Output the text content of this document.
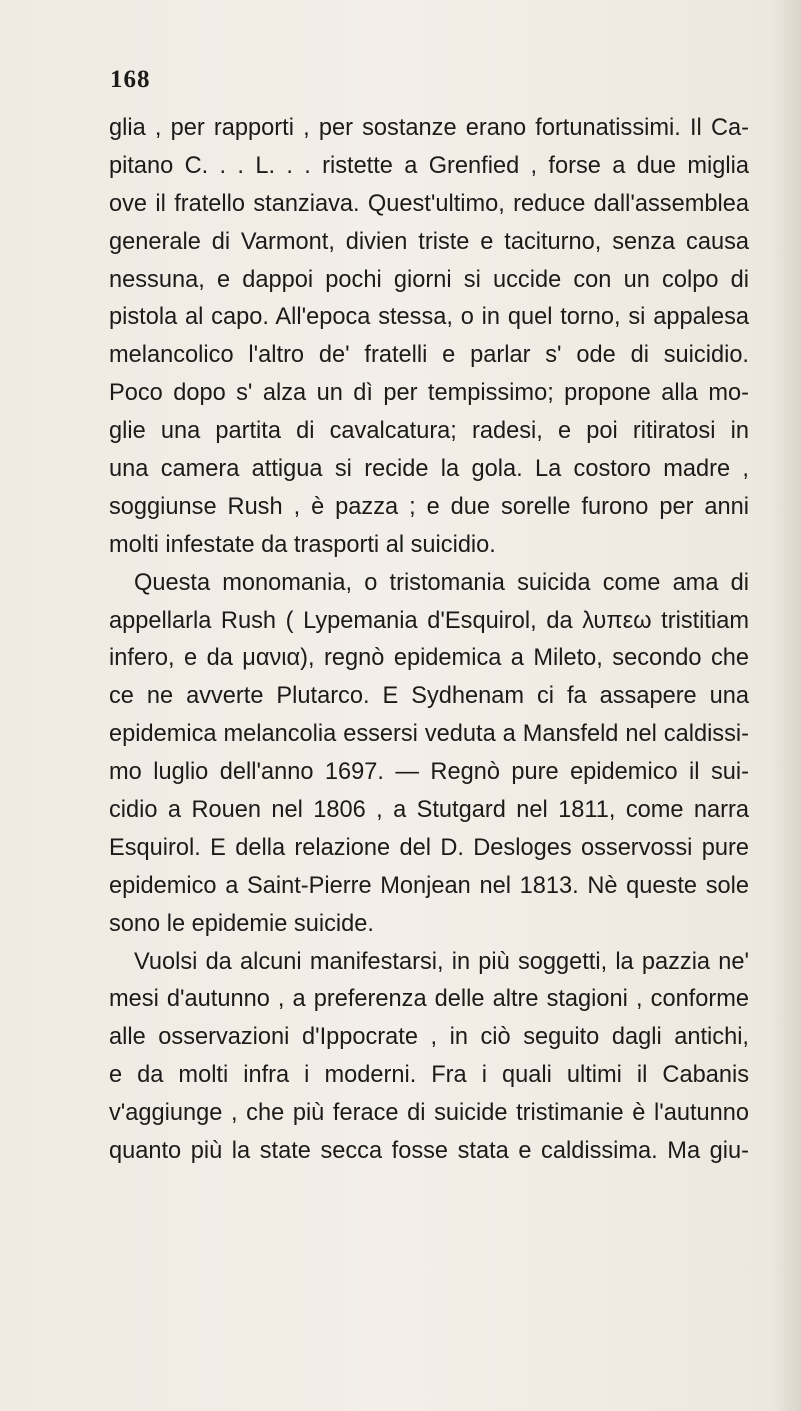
168
glia , per rapporti , per sostanze erano fortunatissimi. Il Ca-
pitano C. . . L. . . ristette a Grenfied , forse a due miglia
ove il fratello stanziava. Quest'ultimo, reduce dall'assemblea
generale di Varmont, divien triste e taciturno, senza causa
nessuna, e dappoi pochi giorni si uccide con un colpo di
pistola al capo. All'epoca stessa, o in quel torno, si appalesa
melancolico l'altro de' fratelli e parlar s' ode di suicidio.
Poco dopo s' alza un dì per tempissimo; propone alla mo-
glie una partita di cavalcatura; radesi, e poi ritiratosi in
una camera attigua si recide la gola. La costoro madre ,
soggiunse Rush , è pazza ; e due sorelle furono per anni
molti infestate da trasporti al suicidio.
Questa monomania, o tristomania suicida come ama di
appellarla Rush ( Lypemania d'Esquirol, da λυπεω tristitiam
infero, e da μανια), regnò epidemica a Mileto, secondo che
ce ne avverte Plutarco. E Sydhenam ci fa assapere una
epidemica melancolia essersi veduta a Mansfeld nel caldissi-
mo luglio dell'anno 1697. — Regnò pure epidemico il sui-
cidio a Rouen nel 1806 , a Stutgard nel 1811, come narra
Esquirol. E della relazione del D. Desloges osservossi pure
epidemico a Saint-Pierre Monjean nel 1813. Nè queste sole
sono le epidemie suicide.
Vuolsi da alcuni manifestarsi, in più soggetti, la pazzia ne'
mesi d'autunno , a preferenza delle altre stagioni , conforme
alle osservazioni d'Ippocrate , in ciò seguito dagli antichi,
e da molti infra i moderni. Fra i quali ultimi il Cabanis
v'aggiunge , che più ferace di suicide tristimanie è l'autunno
quanto più la state secca fosse stata e caldissima. Ma giu-
